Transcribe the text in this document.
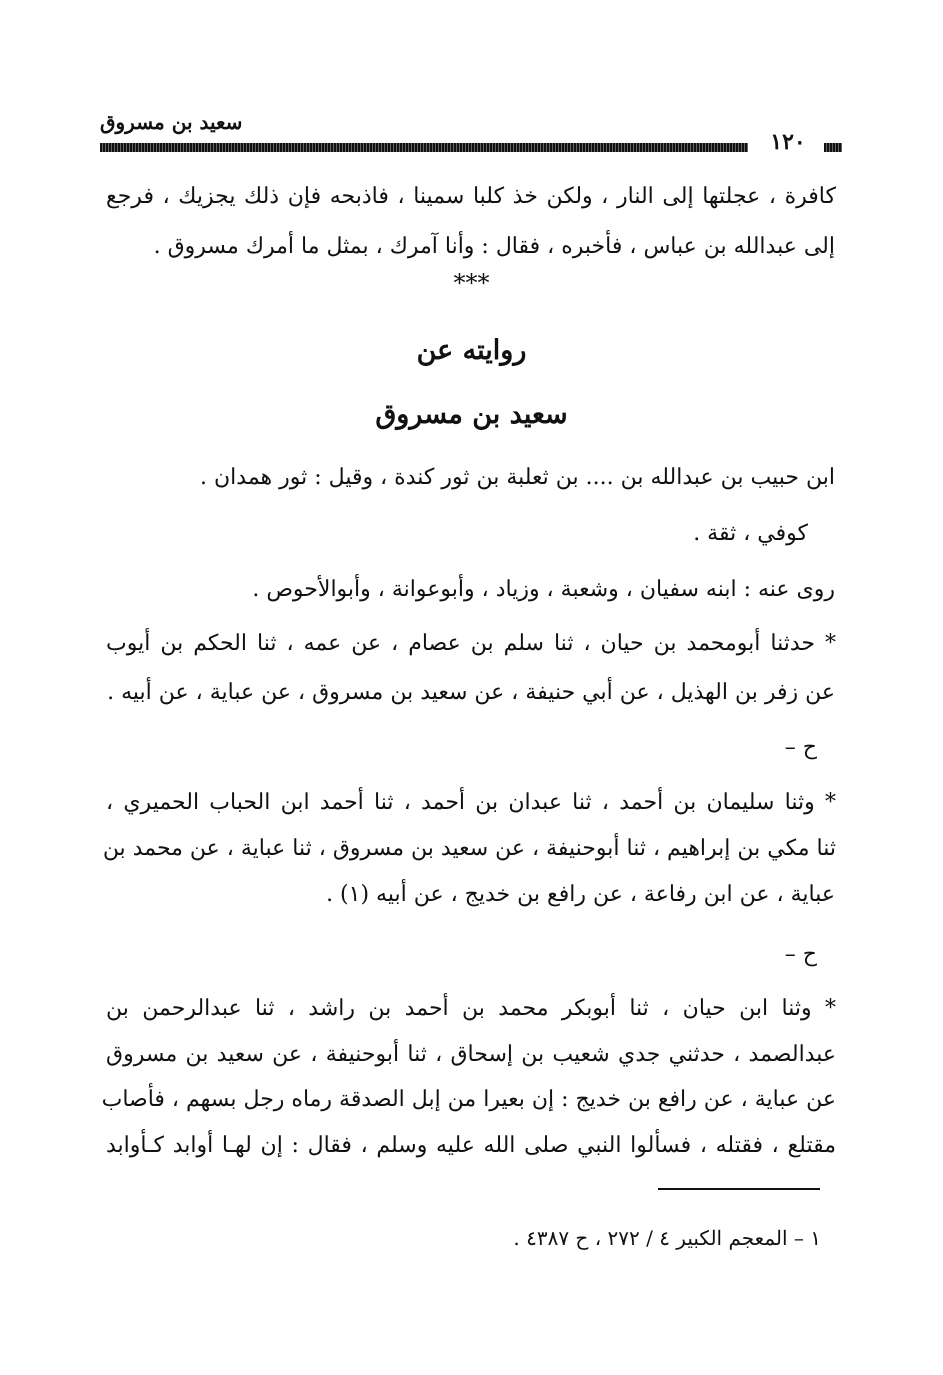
سعيد بن مسروق
١٢٠
كافرة ، عجلتها إلى النار ، ولكن خذ كلبا سمينا ، فاذبحه فإن ذلك يجزيك ، فرجع
إلى عبدالله بن عباس ، فأخبره ، فقال : وأنا آمرك ، بمثل ما أمرك مسروق .
***
روايته عن
سعيد بن مسروق
ابن حبيب بن عبدالله بن .... بن ثعلبة بن ثور كندة ، وقيل : ثور همدان .
كوفي ، ثقة .
روى عنه : ابنه سفيان ، وشعبة ، وزياد ، وأبوعوانة ، وأبوالأحوص .
* حدثنا أبومحمد بن حيان ، ثنا سلم بن عصام ، عن عمه ، ثنا الحكم بن أيوب
عن زفر بن الهذيل ، عن أبي حنيفة ، عن سعيد بن مسروق ، عن عباية ، عن أبيه .
ح –
* وثنا سليمان بن أحمد ، ثنا عبدان بن أحمد ، ثنا أحمد ابن الحباب الحميري ،
ثنا مكي بن إبراهيم ، ثنا أبوحنيفة ، عن سعيد بن مسروق ، ثنا عباية ، عن محمد بن
عباية ، عن ابن رفاعة ، عن رافع بن خديج ، عن أبيه (١) .
ح –
* وثنا ابن حيان ، ثنا أبوبكر محمد بن أحمد بن راشد ، ثنا عبدالرحمن بن
عبدالصمد ، حدثني جدي شعيب بن إسحاق ، ثنا أبوحنيفة ، عن سعيد بن مسروق
عن عباية ، عن رافع بن خديج : إن بعيرا من إبل الصدقة رماه رجل بسهم ، فأصاب
مقتلع ، فقتله ، فسألوا النبي صلى الله عليه وسلم ، فقال : إن لهـا أوابد كـأوابد
١ – المعجم الكبير ٤ / ٢٧٢ ، ح ٤٣٨٧ .
